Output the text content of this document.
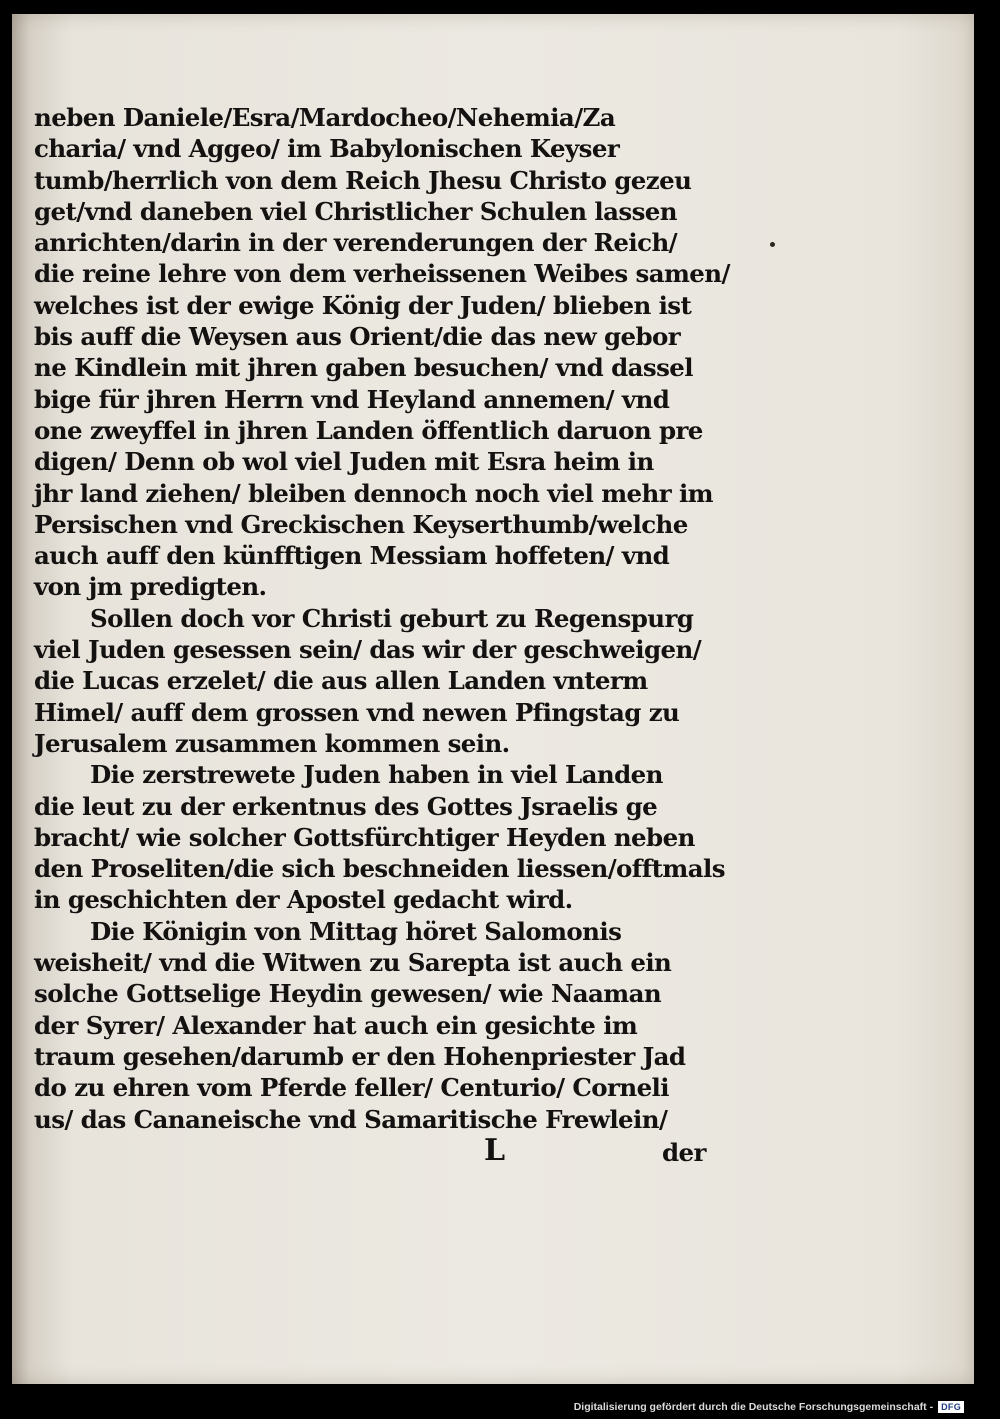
neben Daniele/Esra/Mardocheo/Nehemia/Za
charia/ vnd Aggeo/ im Babylonischen Keyser
tumb/herrlich von dem Reich Jhesu Christo gezeu
get/vnd daneben viel Christlicher Schulen lassen
anrichten/darin in der verenderungen der Reich/
die reine lehre von dem verheissenen Weibes samen/
welches ist der ewige König der Juden/ blieben ist
bis auff die Weysen aus Orient/die das new gebor
ne Kindlein mit jhren gaben besuchen/ vnd dassel
bige für jhren Herrn vnd Heyland annemen/ vnd
one zweyffel in jhren Landen öffentlich daruon pre
digen/ Denn ob wol viel Juden mit Esra heim in
jhr land ziehen/ bleiben dennoch noch viel mehr im
Persischen vnd Greckischen Keyserthumb/welche
auch auff den künfftigen Messiam hoffeten/ vnd
von jm predigten.
Sollen doch vor Christi geburt zu Regenspurg
viel Juden gesessen sein/ das wir der geschweigen/
die Lucas erzelet/ die aus allen Landen vnterm
Himel/ auff dem grossen vnd newen Pfingstag zu
Jerusalem zusammen kommen sein.
Die zerstrewete Juden haben in viel Landen
die leut zu der erkentnus des Gottes Jsraelis ge
bracht/ wie solcher Gottsfürchtiger Heyden neben
den Proseliten/die sich beschneiden liessen/offtmals
in geschichten der Apostel gedacht wird.
Die Königin von Mittag höret Salomonis
weisheit/ vnd die Witwen zu Sarepta ist auch ein
solche Gottselige Heydin gewesen/ wie Naaman
der Syrer/ Alexander hat auch ein gesichte im
traum gesehen/darumb er den Hohenpriester Jad
do zu ehren vom Pferde feller/ Centurio/ Corneli
us/ das Cananeische vnd Samaritische Frewlein/
L	der
Digitalisierung gefördert durch die Deutsche Forschungsgemeinschaft - DFG
